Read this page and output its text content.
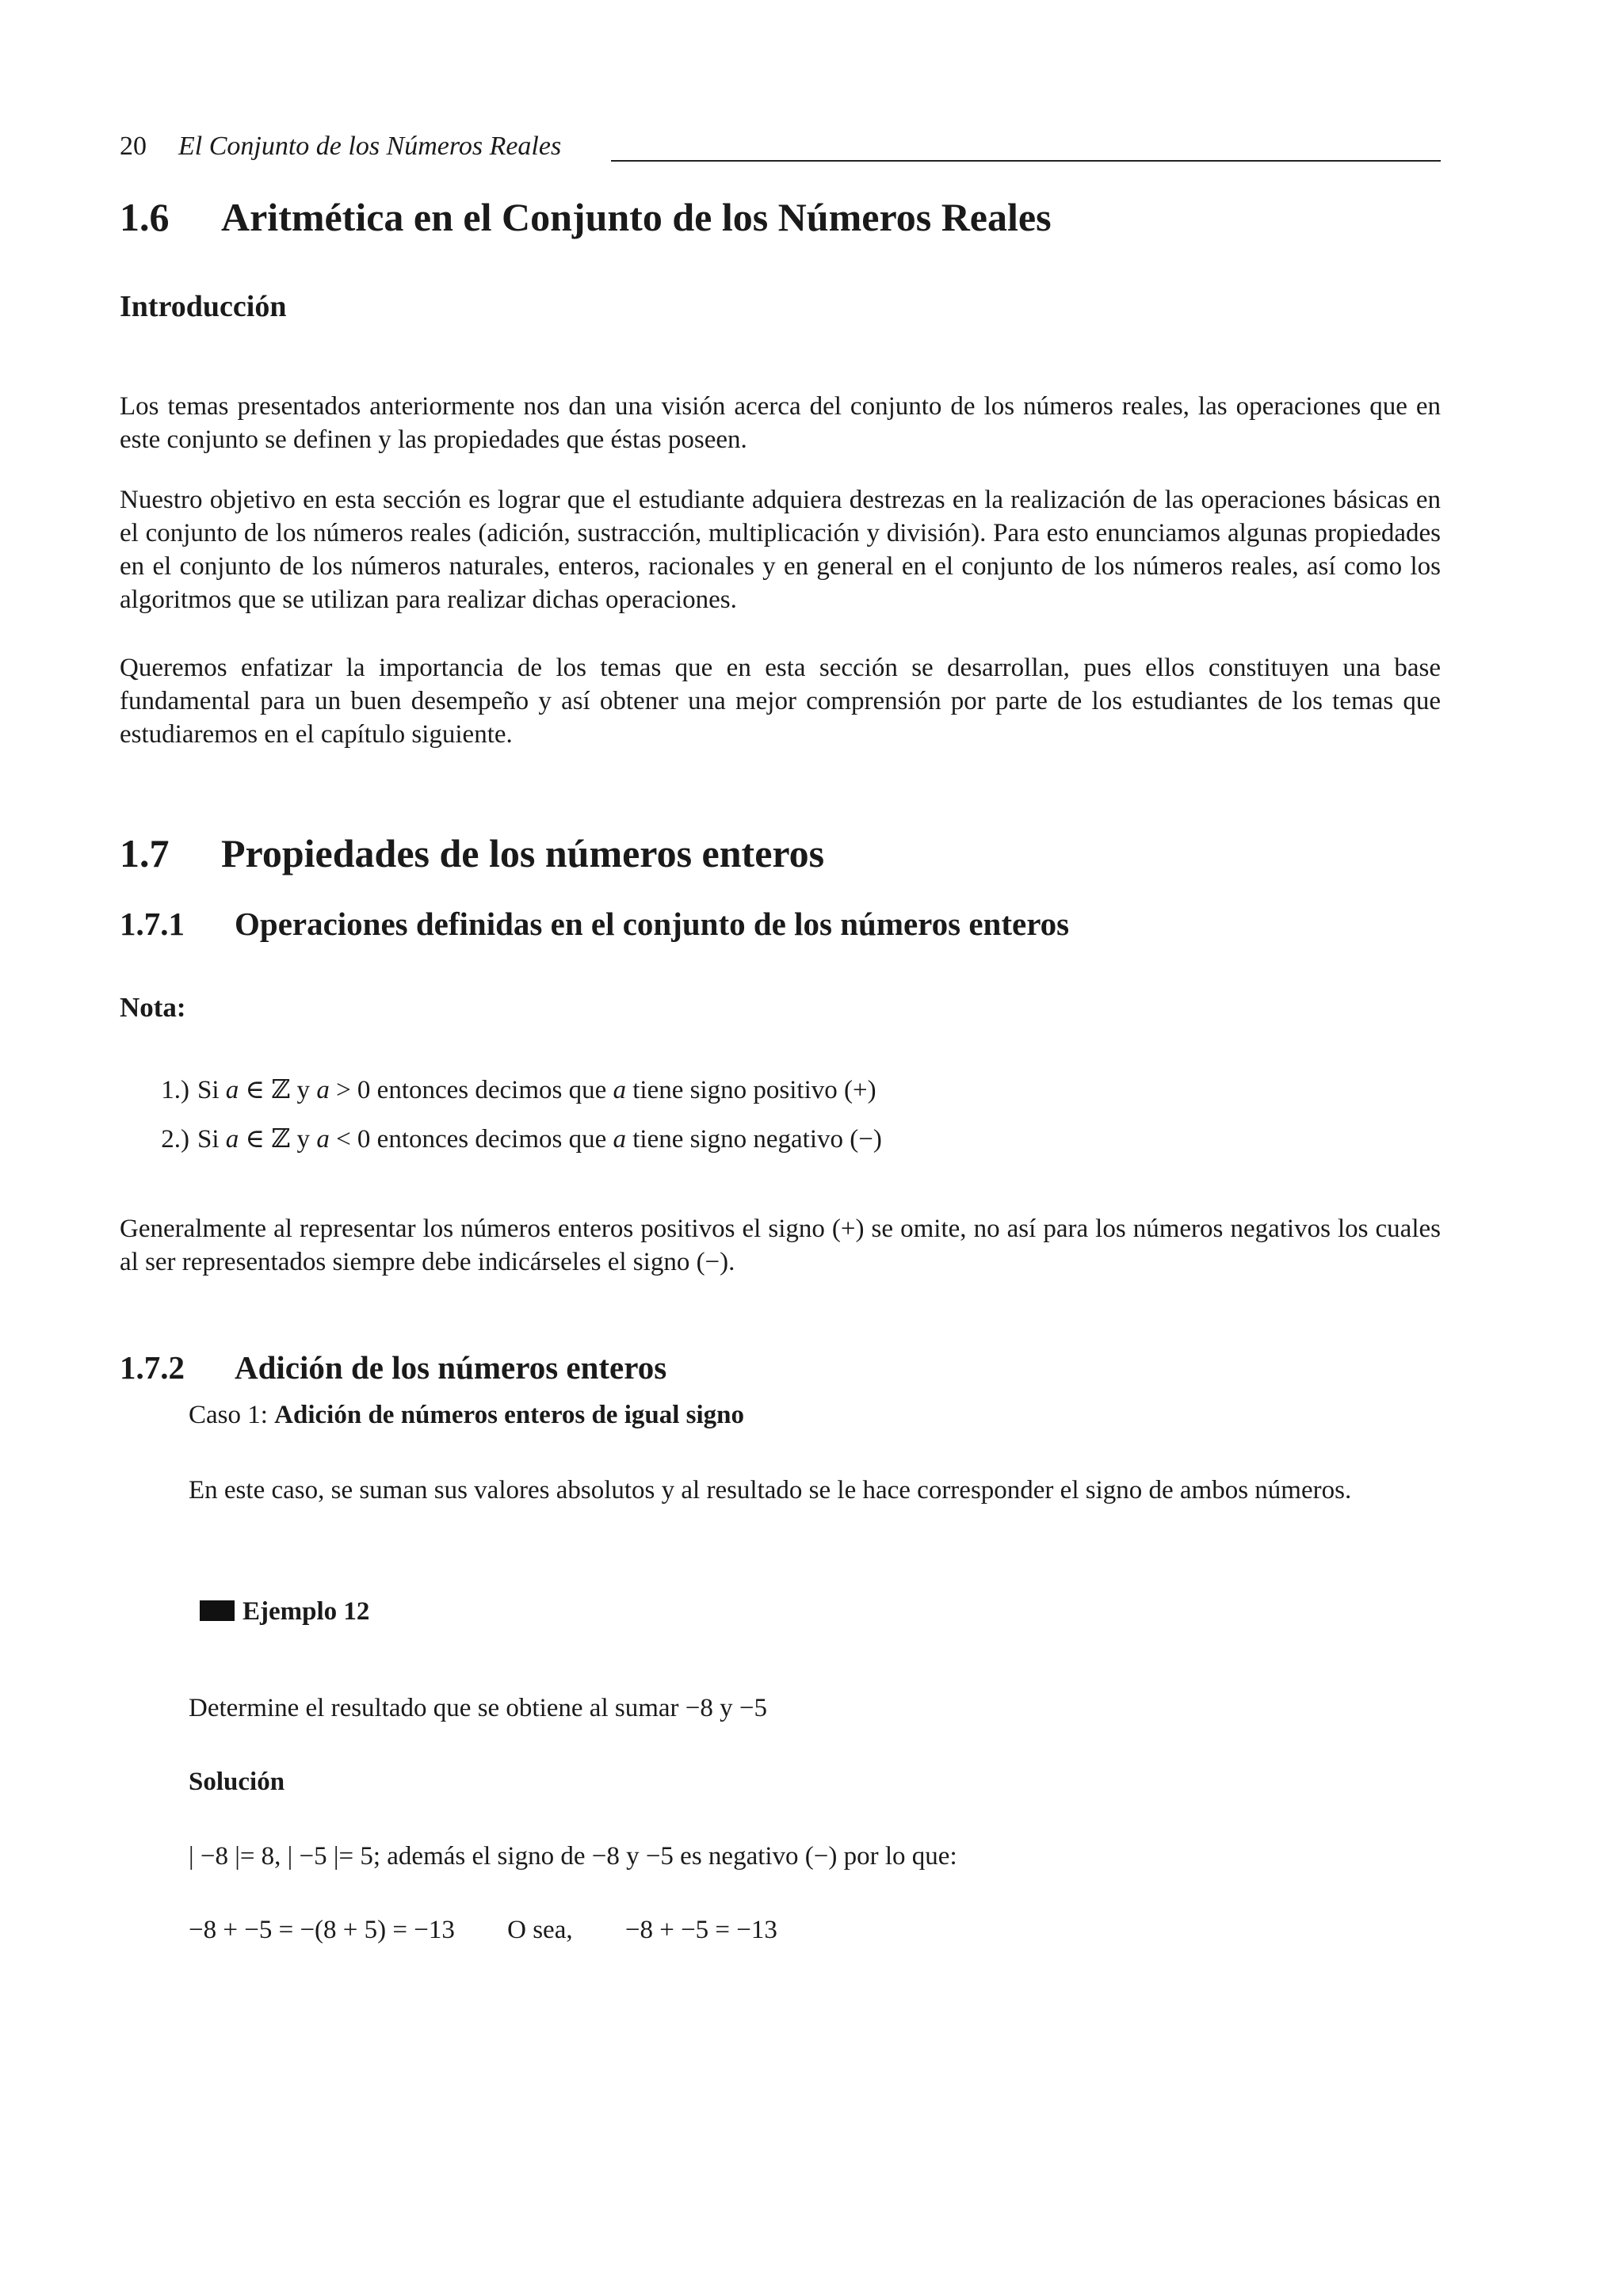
20 El Conjunto de los Números Reales
1.6 Aritmética en el Conjunto de los Números Reales
Introducción
Los temas presentados anteriormente nos dan una visión acerca del conjunto de los números reales, las operaciones que en este conjunto se definen y las propiedades que éstas poseen.
Nuestro objetivo en esta sección es lograr que el estudiante adquiera destrezas en la realización de las operaciones básicas en el conjunto de los números reales (adición, sustracción, multiplicación y división). Para esto enunciamos algunas propiedades en el conjunto de los números naturales, enteros, racionales y en general en el conjunto de los números reales, así como los algoritmos que se utilizan para realizar dichas operaciones.
Queremos enfatizar la importancia de los temas que en esta sección se desarrollan, pues ellos constituyen una base fundamental para un buen desempeño y así obtener una mejor comprensión por parte de los estudiantes de los temas que estudiaremos en el capítulo siguiente.
1.7 Propiedades de los números enteros
1.7.1 Operaciones definidas en el conjunto de los números enteros
Nota:
1.) Si a ∈ ℤ y a > 0 entonces decimos que a tiene signo positivo (+)
2.) Si a ∈ ℤ y a < 0 entonces decimos que a tiene signo negativo (−)
Generalmente al representar los números enteros positivos el signo (+) se omite, no así para los números negativos los cuales al ser representados siempre debe indicárseles el signo (−).
1.7.2 Adición de los números enteros
Caso 1: Adición de números enteros de igual signo
En este caso, se suman sus valores absolutos y al resultado se le hace corresponder el signo de ambos números.
Ejemplo 12
Determine el resultado que se obtiene al sumar −8 y −5
Solución
| −8 |= 8, | −5 |= 5; además el signo de −8 y −5 es negativo (−) por lo que:
−8 + −5 = −(8 + 5) = −13 O sea, −8 + −5 = −13
